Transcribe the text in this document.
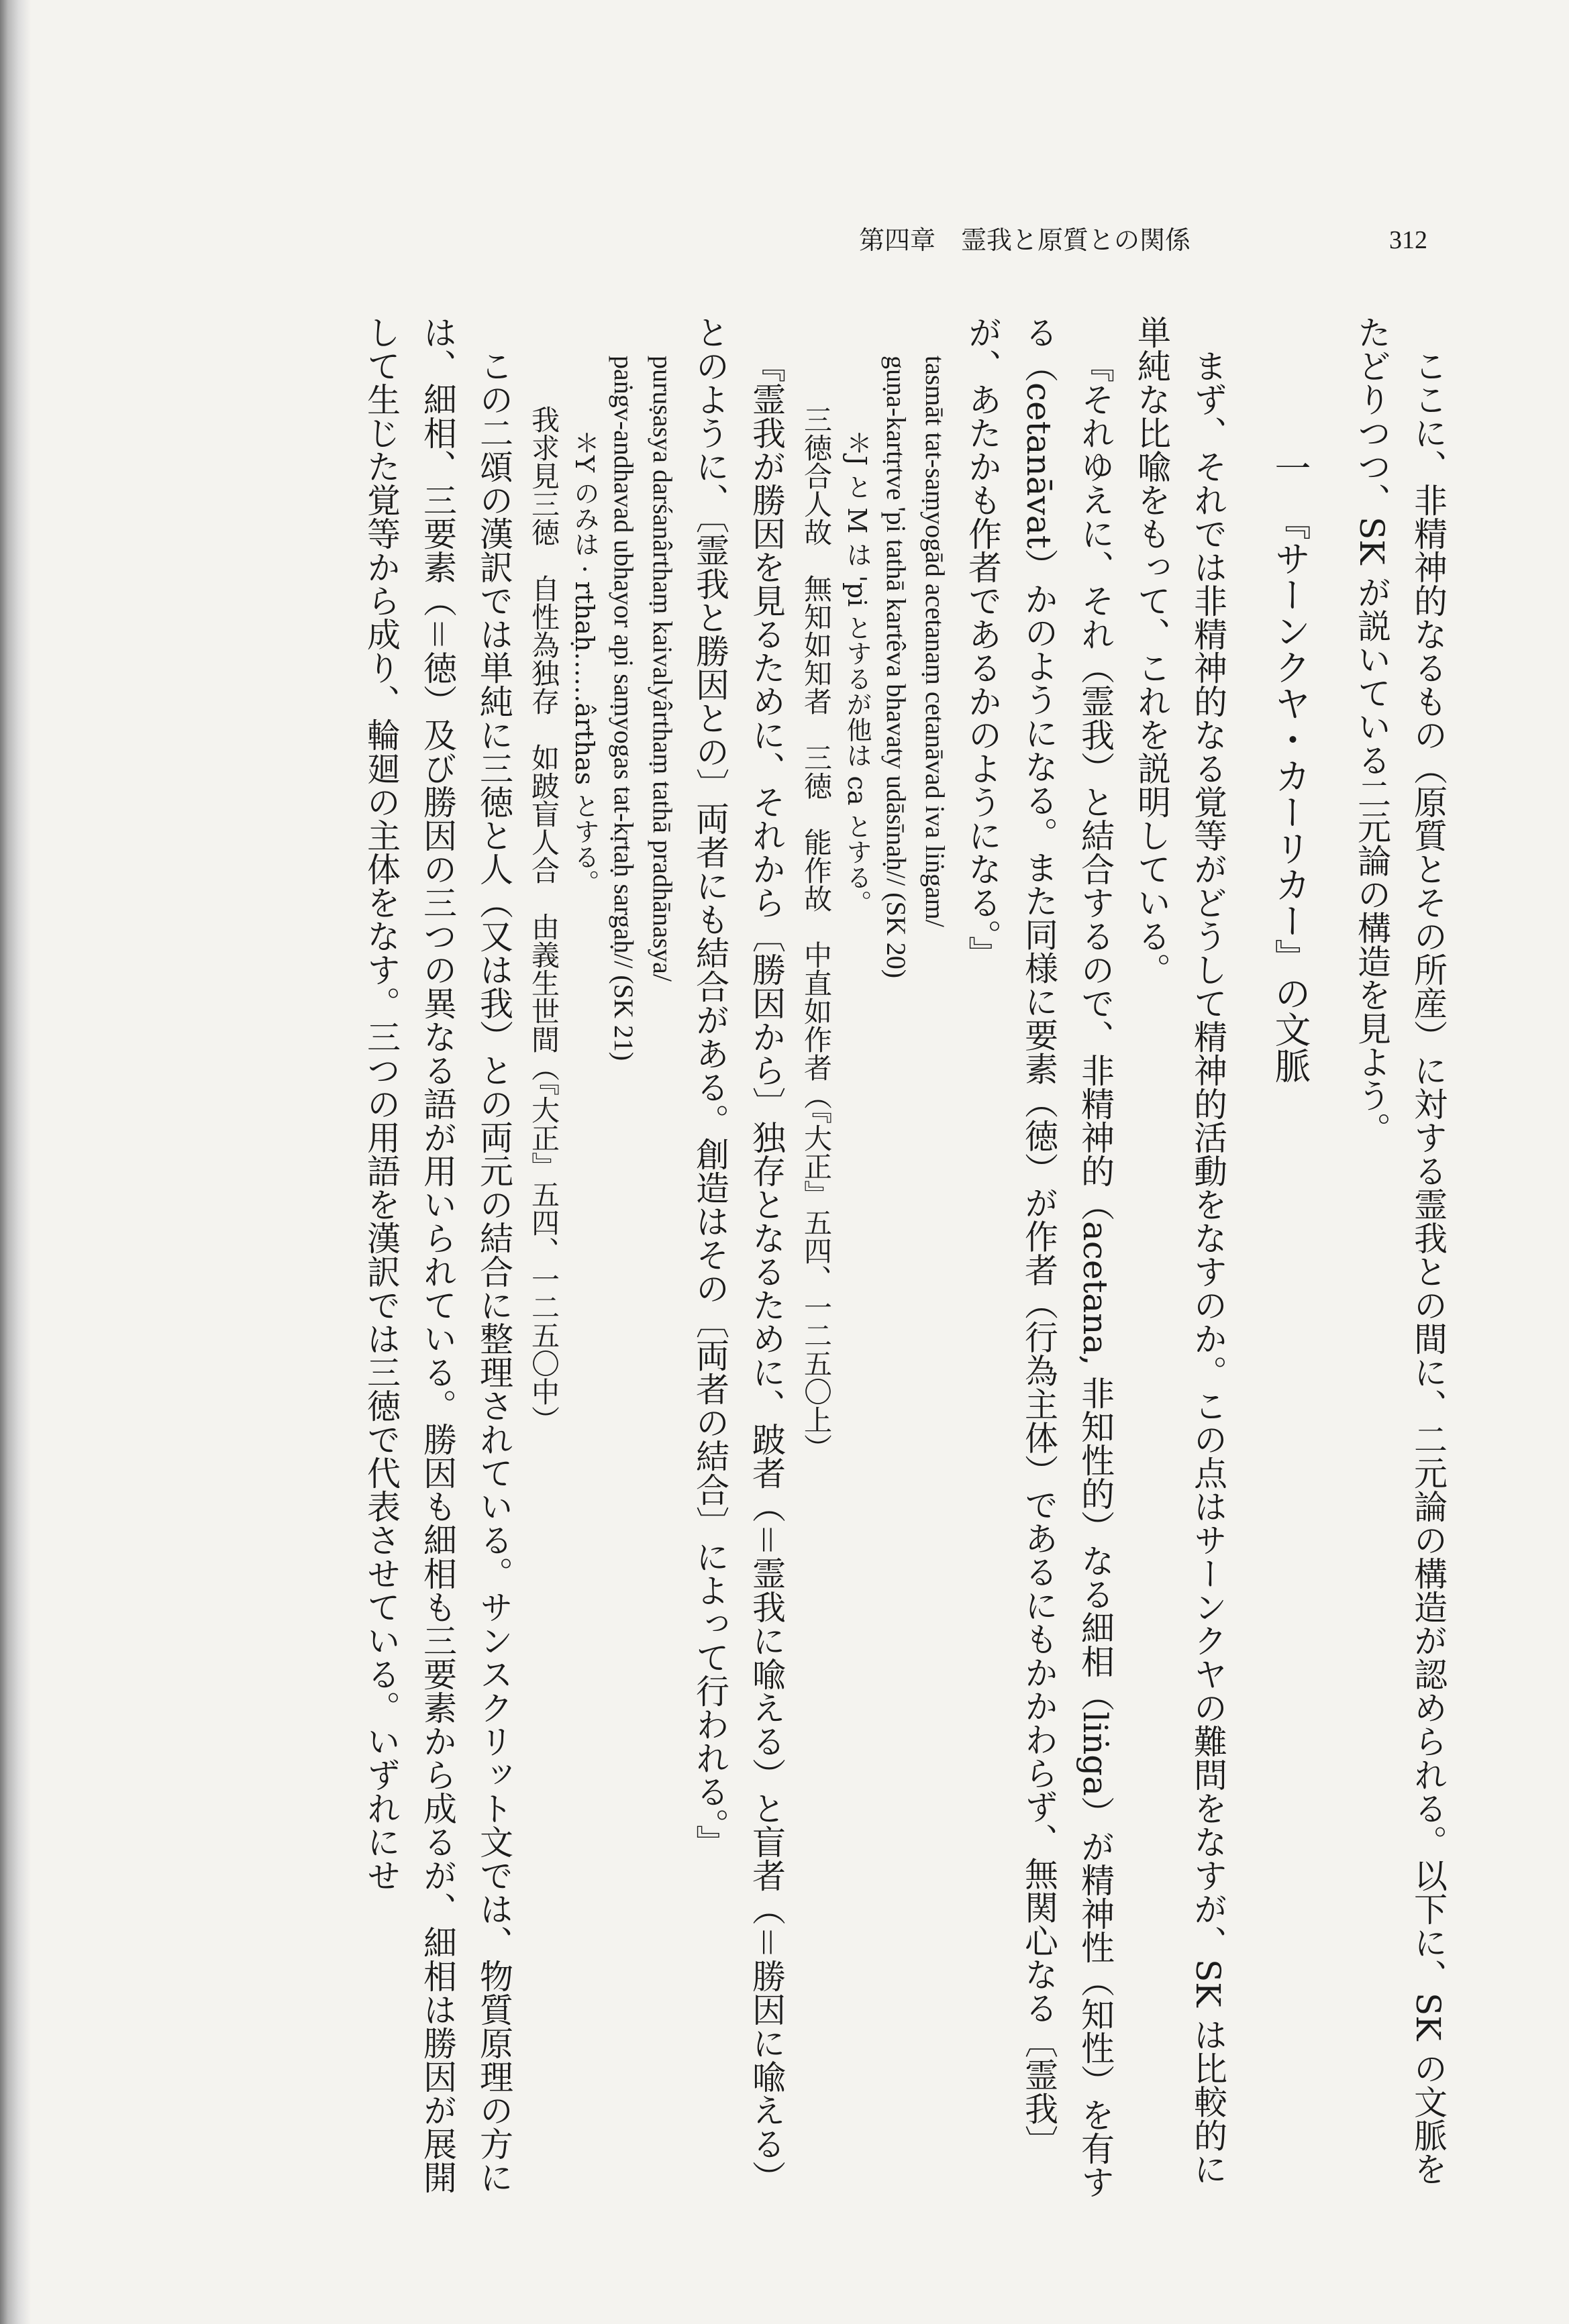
第四章　霊我と原質との関係	312

ここに、非精神的なるもの（原質とその所産）に対する霊我との間に、二元論の構造が認められる。以下に、SK の文脈をたどりつつ、SK が説いている二元論の構造を見よう。

一　『サーンクヤ・カーリカー』の文脈

まず、それでは非精神的なる覚等がどうして精神的活動をなすのか。この点はサーンクヤの難問をなすが、SK は比較的に単純な比喩をもって、これを説明している。

『それゆえに、それ（霊我）と結合するので、非精神的（acetana, 非知性的）なる細相（liṅga）が精神性（知性）を有する（cetanāvat）かのようになる。また同様に要素（徳）が作者（行為主体）であるにもかかわらず、無関心なる〔霊我〕が、あたかも作者であるかのようになる。』

tasmāt tat-saṃyogād acetanaṃ cetanāvad iva liṅgam/

guṇa-kartṛtve 'pi tathā kartêva bhavaty udāsīnaḥ// (SK 20)

＊J と M は 'pi とするが他は ca とする。

三徳合人故　無知如知者　三徳　能作故　中直如作者（『大正』五四、一二五〇上）

『霊我が勝因を見るために、それから〔勝因から〕独存となるために、跛者（＝霊我に喩える）と盲者（＝勝因に喩える）とのように、〔霊我と勝因との〕両者にも結合がある。創造はその〔両者の結合〕によって行われる。』

puruṣasya darśanârthaṃ kaivalyârthaṃ tathā pradhānasya/

paṅgv-andhavad ubhayor api saṃyogas tat-kṛtaḥ sargaḥ// (SK 21)

＊Y のみは · rthaḥ……ârthas とする。

我求見三徳　自性為独存　如跛盲人合　由義生世間（『大正』五四、一二五〇中）

この二頌の漢訳では単純に三徳と人（又は我）との両元の結合に整理されている。サンスクリット文では、物質原理の方には、細相、三要素（＝徳）及び勝因の三つの異なる語が用いられている。勝因も細相も三要素から成るが、細相は勝因が展開して生じた覚等から成り、輪廻の主体をなす。三つの用語を漢訳では三徳で代表させている。いずれにせ
